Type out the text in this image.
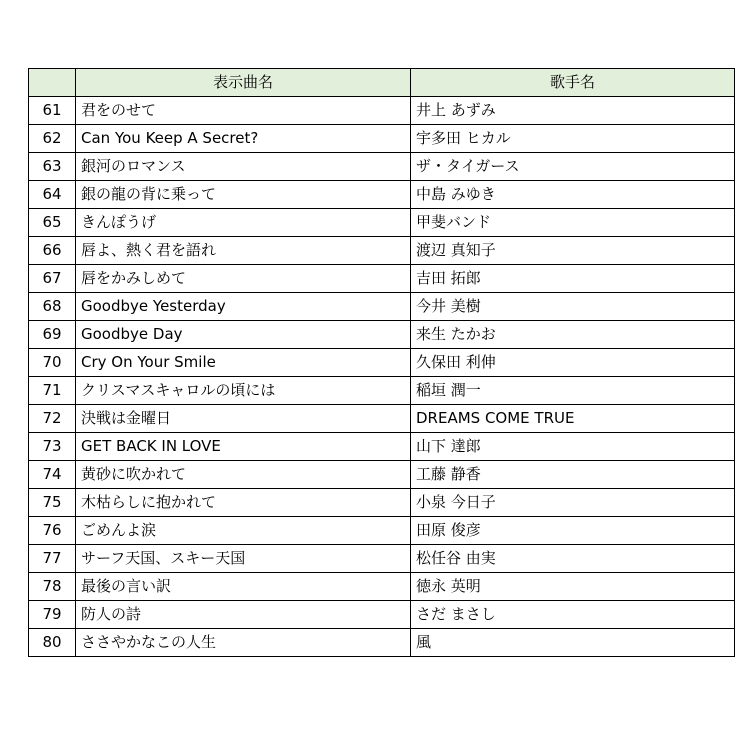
	表示曲名	歌手名
61	君をのせて	井上 あずみ
62	Can You Keep A Secret?	宇多田 ヒカル
63	銀河のロマンス	ザ・タイガース
64	銀の龍の背に乗って	中島 みゆき
65	きんぽうげ	甲斐バンド
66	唇よ、熱く君を語れ	渡辺 真知子
67	唇をかみしめて	吉田 拓郎
68	Goodbye Yesterday	今井 美樹
69	Goodbye Day	来生 たかお
70	Cry On Your Smile	久保田 利伸
71	クリスマスキャロルの頃には	稲垣 潤一
72	決戦は金曜日	DREAMS COME TRUE
73	GET BACK IN LOVE	山下 達郎
74	黄砂に吹かれて	工藤 静香
75	木枯らしに抱かれて	小泉 今日子
76	ごめんよ涙	田原 俊彦
77	サーフ天国、スキー天国	松任谷 由実
78	最後の言い訳	徳永 英明
79	防人の詩	さだ まさし
80	ささやかなこの人生	風
